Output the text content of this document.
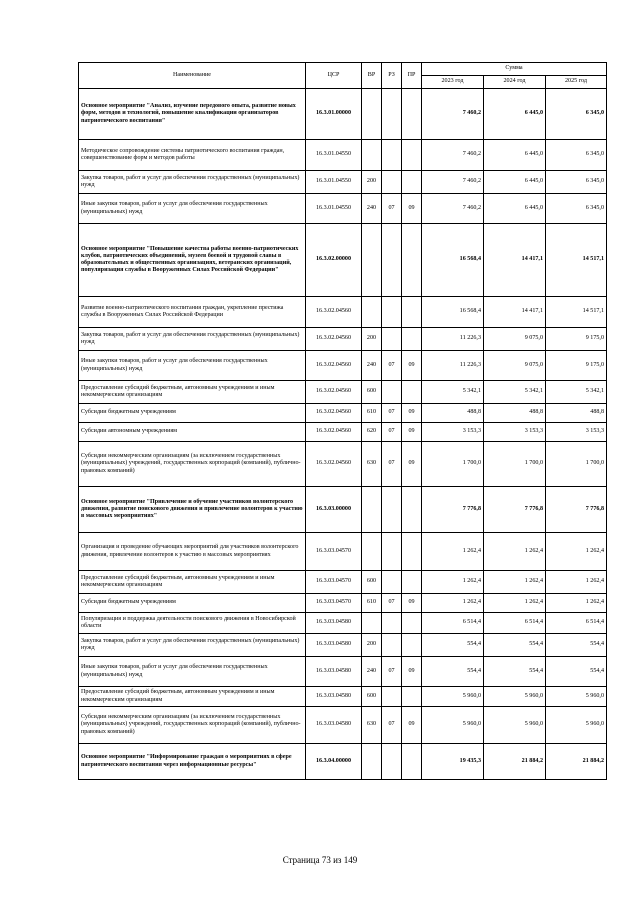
Наименование	ЦСР	ВР	РЗ	ПР	Сумма		
					2023 год	2024 год	2025 год
Основное мероприятие "Анализ, изучение передового опыта, развитие новых форм, методов и технологий, повышение квалификации организаторов патриотического воспитания"	16.3.01.00000				7 460,2	6 445,0	6 345,0
Методическое сопровождение системы патриотического воспитания граждан, совершенствование форм и методов работы	16.3.01.04550				7 460,2	6 445,0	6 345,0
Закупка товаров, работ и услуг для обеспечения государственных (муниципальных) нужд	16.3.01.04550	200			7 460,2	6 445,0	6 345,0
Иные закупки товаров, работ и услуг для обеспечения государственных (муниципальных) нужд	16.3.01.04550	240	07	09	7 460,2	6 445,0	6 345,0
Основное мероприятие "Повышение качества работы военно-патриотических клубов, патриотических объединений, музеев боевой и трудовой славы в образовательных и общественных организациях, ветеранских организаций, популяризация службы в Вооруженных Силах Российской Федерации"	16.3.02.00000				16 568,4	14 417,1	14 517,1
Развитие военно-патриотического воспитания граждан, укрепление престижа службы в Вооруженных Силах Российской Федерации	16.3.02.04560				16 568,4	14 417,1	14 517,1
Закупка товаров, работ и услуг для обеспечения государственных (муниципальных) нужд	16.3.02.04560	200			11 226,3	9 075,0	9 175,0
Иные закупки товаров, работ и услуг для обеспечения государственных (муниципальных) нужд	16.3.02.04560	240	07	09	11 226,3	9 075,0	9 175,0
Предоставление субсидий бюджетным, автономным учреждениям и иным некоммерческим организациям	16.3.02.04560	600			5 342,1	5 342,1	5 342,1
Субсидии бюджетным учреждениям	16.3.02.04560	610	07	09	488,8	488,8	488,8
Субсидии автономным учреждениям	16.3.02.04560	620	07	09	3 153,3	3 153,3	3 153,3
Субсидии некоммерческим организациям (за исключением государственных (муниципальных) учреждений, государственных корпораций (компаний), публично-правовых компаний)	16.3.02.04560	630	07	09	1 700,0	1 700,0	1 700,0
Основное мероприятие "Привлечение и обучение участников волонтерского движения, развитие поискового движения и привлечение волонтеров к участию в массовых мероприятиях"	16.3.03.00000				7 776,8	7 776,8	7 776,8
Организация и проведение обучающих мероприятий для участников волонтерского движения, привлечение волонтеров к участию в массовых мероприятиях	16.3.03.04570				1 262,4	1 262,4	1 262,4
Предоставление субсидий бюджетным, автономным учреждениям и иным некоммерческим организациям	16.3.03.04570	600			1 262,4	1 262,4	1 262,4
Субсидии бюджетным учреждениям	16.3.03.04570	610	07	09	1 262,4	1 262,4	1 262,4
Популяризация и поддержка деятельности поискового движения в Новосибирской области	16.3.03.04580				6 514,4	6 514,4	6 514,4
Закупка товаров, работ и услуг для обеспечения государственных (муниципальных) нужд	16.3.03.04580	200			554,4	554,4	554,4
Иные закупки товаров, работ и услуг для обеспечения государственных (муниципальных) нужд	16.3.03.04580	240	07	09	554,4	554,4	554,4
Предоставление субсидий бюджетным, автономным учреждениям и иным некоммерческим организациям	16.3.03.04580	600			5 960,0	5 960,0	5 960,0
Субсидии некоммерческим организациям (за исключением государственных (муниципальных) учреждений, государственных корпораций (компаний), публично-правовых компаний)	16.3.03.04580	630	07	09	5 960,0	5 960,0	5 960,0
Основное мероприятие "Информирование граждан о мероприятиях в сфере патриотического воспитания через информационные ресурсы"	16.3.04.00000				19 435,3	21 884,2	21 884,2
Страница 73 из 149
